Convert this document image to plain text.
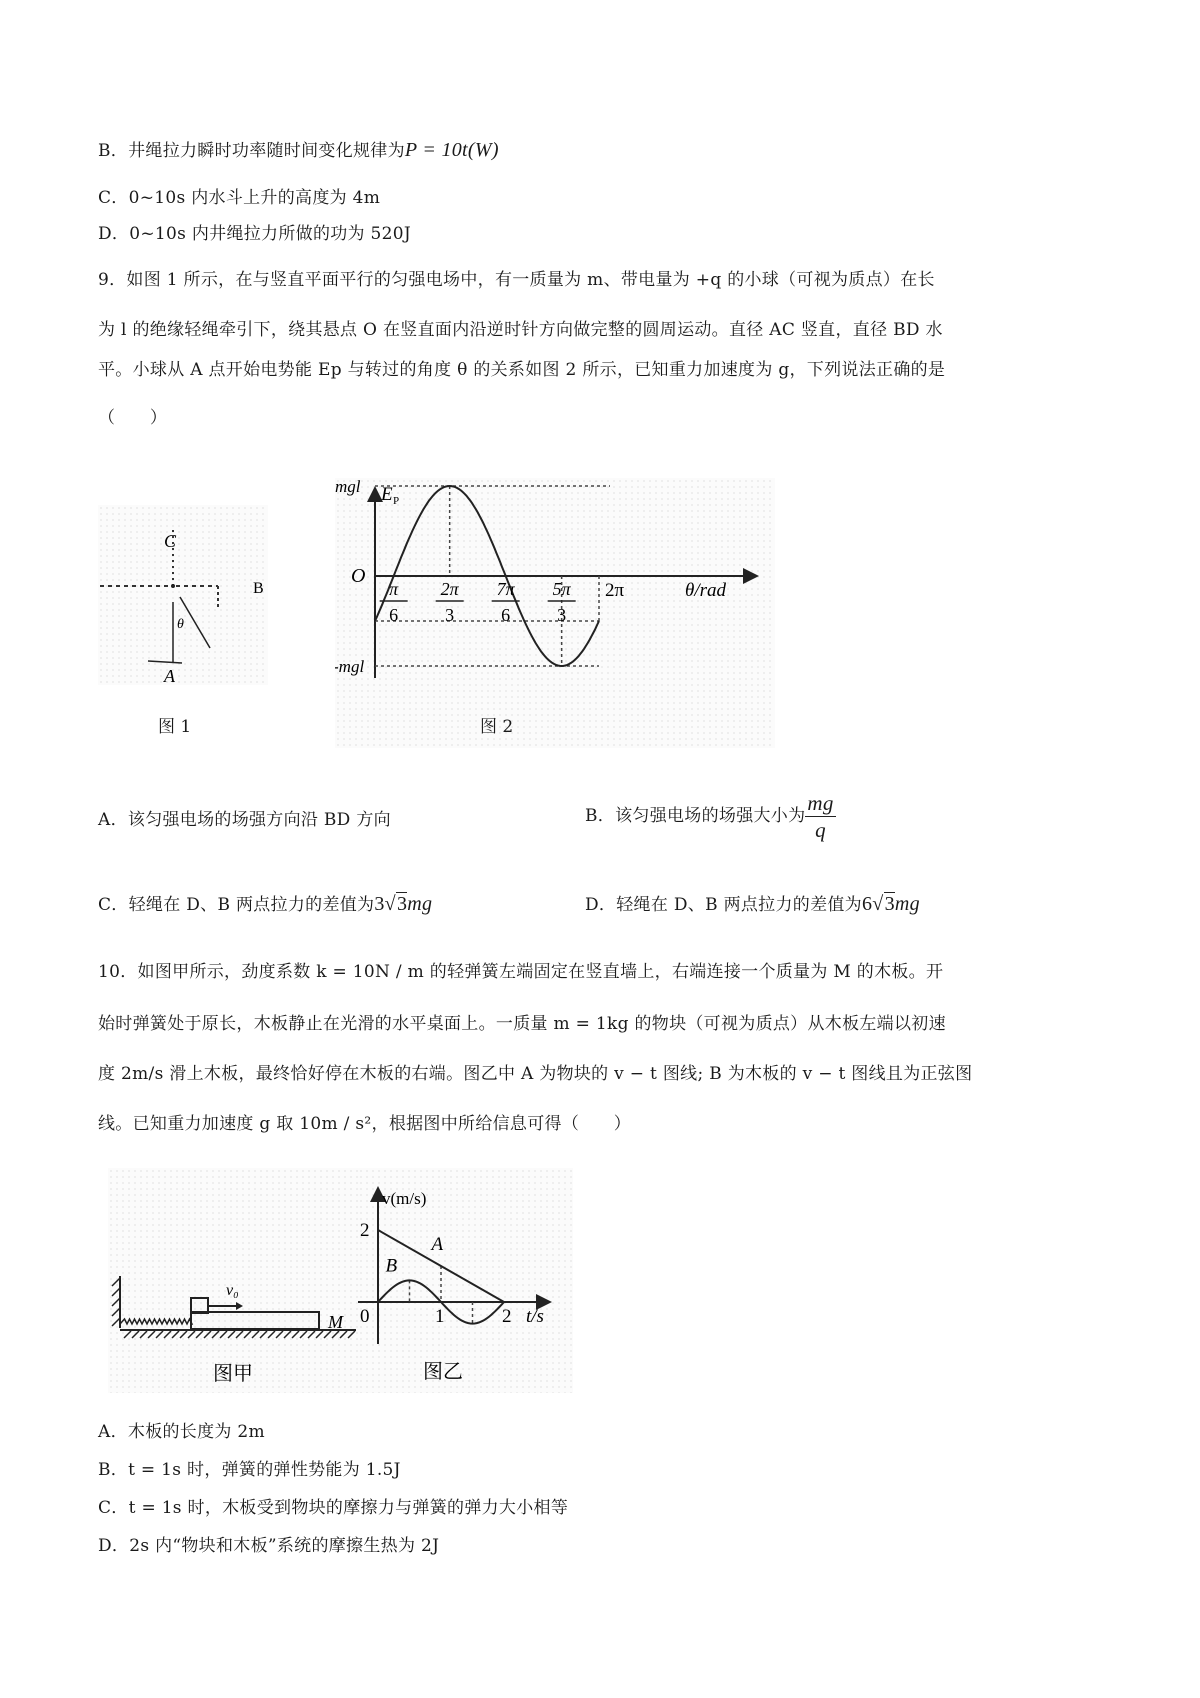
B．井绳拉力瞬时功率随时间变化规律为P = 10t(W)
C．0~10s 内水斗上升的高度为 4m
D．0~10s 内井绳拉力所做的功为 520J
9．如图 1 所示，在与竖直平面平行的匀强电场中，有一质量为 m、带电量为 +q 的小球（可视为质点）在长
为 l 的绝缘轻绳牵引下，绕其悬点 O 在竖直面内沿逆时针方向做完整的圆周运动。直径 AC 竖直，直径 BD 水
平。小球从 A 点开始电势能 Ep 与转过的角度 θ 的关系如图 2 所示，已知重力加速度为 g，下列说法正确的是
（　　）
C
B
θ
A
图 1
E P
mgl
O
-mgl
2π	θ/rad
π
6
2π
3
7π
6
5π
3
图 2
A．该匀强电场的场强方向沿 BD 方向	B．该匀强电场的场强大小为 $\frac{mg}{q}$
C．轻绳在 D、B 两点拉力的差值为3√3mg	D．轻绳在 D、B 两点拉力的差值为6√3mg
10．如图甲所示，劲度系数 k = 10N / m 的轻弹簧左端固定在竖直墙上，右端连接一个质量为 M 的木板。开
始时弹簧处于原长，木板静止在光滑的水平桌面上。一质量 m = 1kg 的物块（可视为质点）从木板左端以初速
度 2m/s 滑上木板，最终恰好停在木板的右端。图乙中 A 为物块的 v − t 图线; B 为木板的 v − t 图线且为正弦图
线。已知重力加速度 g 取 10m / s²，根据图中所给信息可得（　　）
v₀
M
图甲
v(m/s)
2
0	1	2 t/s
A
B
图乙
A．木板的长度为 2m
B．t = 1s 时，弹簧的弹性势能为 1.5J
C．t = 1s 时，木板受到物块的摩擦力与弹簧的弹力大小相等
D．2s 内“物块和木板”系统的摩擦生热为 2J
